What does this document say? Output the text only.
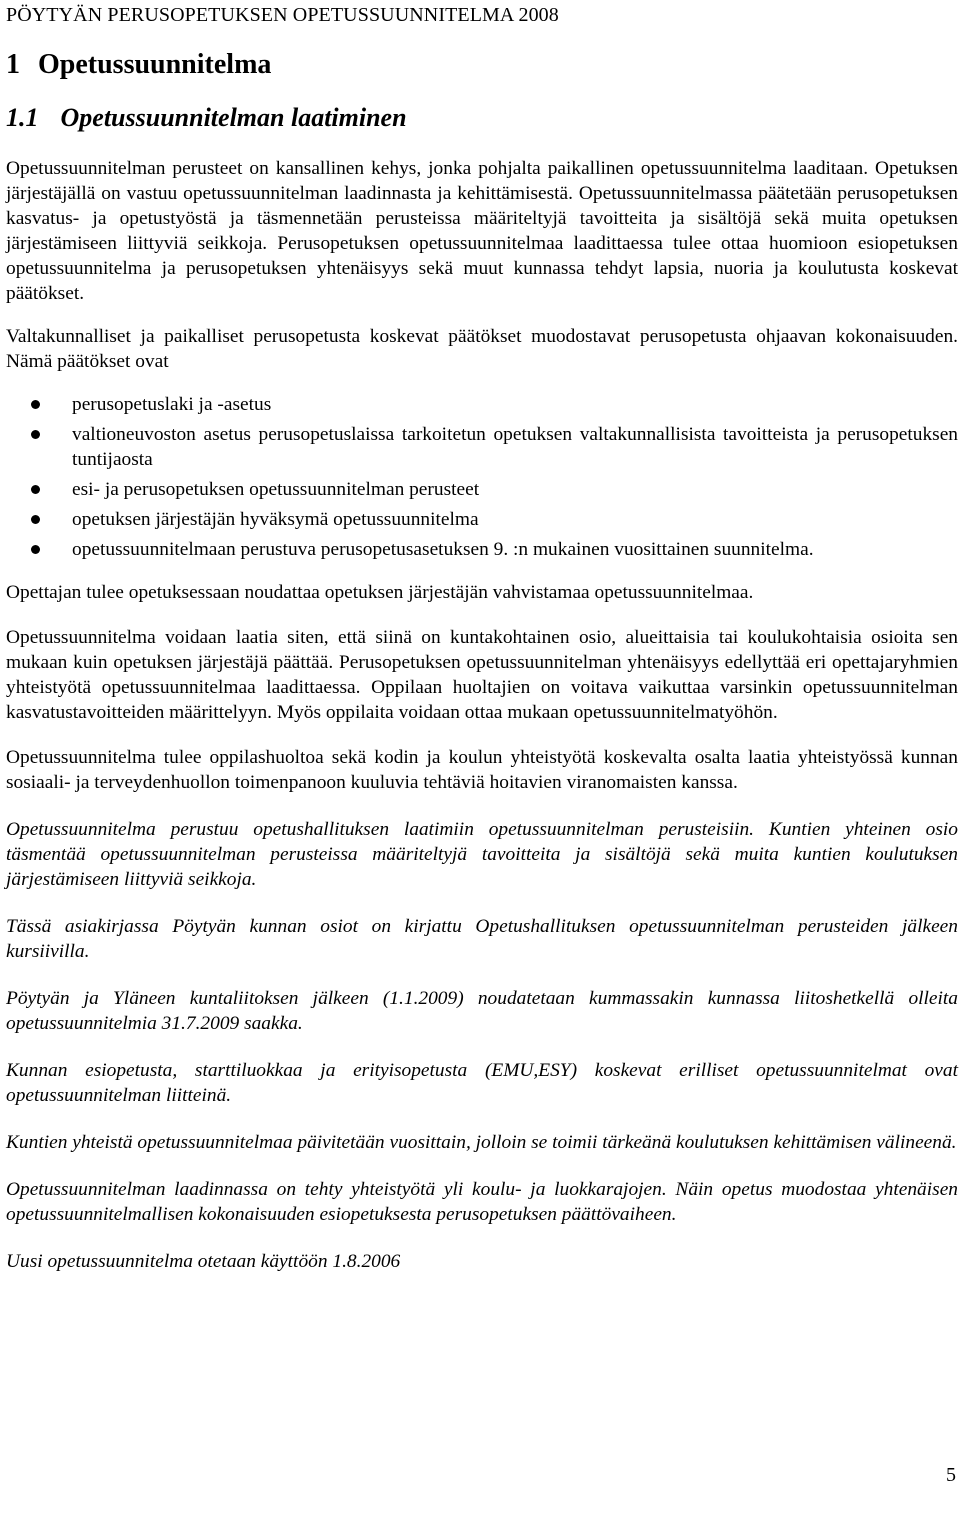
PÖYTYÄN PERUSOPETUKSEN OPETUSSUUNNITELMA 2008
1 Opetussuunnitelma
1.1 Opetussuunnitelman laatiminen

Opetussuunnitelman perusteet on kansallinen kehys, jonka pohjalta paikallinen opetussuunnitelma laaditaan. Opetuksen järjestäjällä on vastuu opetussuunnitelman laadinnasta ja kehittämisestä. Opetussuunnitelmassa päätetään perusopetuksen kasvatus- ja opetustyöstä ja täsmennetään perusteissa määriteltyjä tavoitteita ja sisältöjä sekä muita opetuksen järjestämiseen liittyviä seikkoja. Perusopetuksen opetussuunnitelmaa laadittaessa tulee ottaa huomioon esiopetuksen opetussuunnitelma ja perusopetuksen yhtenäisyys sekä muut kunnassa tehdyt lapsia, nuoria ja koulutusta koskevat päätökset.

Valtakunnalliset ja paikalliset perusopetusta koskevat päätökset muodostavat perusopetusta ohjaavan kokonaisuuden. Nämä päätökset ovat

perusopetuslaki ja -asetus
valtioneuvoston asetus perusopetuslaissa tarkoitetun opetuksen valtakunnallisista tavoitteista ja perusopetuksen tuntijaosta
esi- ja perusopetuksen opetussuunnitelman perusteet
opetuksen järjestäjän hyväksymä opetussuunnitelma
opetussuunnitelmaan perustuva perusopetusasetuksen 9. :n mukainen vuosittainen suunnitelma.

Opettajan tulee opetuksessaan noudattaa opetuksen järjestäjän vahvistamaa opetussuunnitelmaa.

Opetussuunnitelma voidaan laatia siten, että siinä on kuntakohtainen osio, alueittaisia tai koulukohtaisia osioita sen mukaan kuin opetuksen järjestäjä päättää. Perusopetuksen opetussuunnitelman yhtenäisyys edellyttää eri opettajaryhmien yhteistyötä opetussuunnitelmaa laadittaessa. Oppilaan huoltajien on voitava vaikuttaa varsinkin opetussuunnitelman kasvatustavoitteiden määrittelyyn. Myös oppilaita voidaan ottaa mukaan opetussuunnitelmatyöhön.

Opetussuunnitelma tulee oppilashuoltoa sekä kodin ja koulun yhteistyötä koskevalta osalta laatia yhteistyössä kunnan sosiaali- ja terveydenhuollon toimenpanoon kuuluvia tehtäviä hoitavien viranomaisten kanssa.

Opetussuunnitelma perustuu opetushallituksen laatimiin opetussuunnitelman perusteisiin. Kuntien yhteinen osio täsmentää opetussuunnitelman perusteissa määriteltyjä tavoitteita ja sisältöjä sekä muita kuntien koulutuksen järjestämiseen liittyviä seikkoja.

Tässä asiakirjassa Pöytyän kunnan osiot on kirjattu Opetushallituksen opetussuunnitelman perusteiden jälkeen kursiivilla.

Pöytyän ja Yläneen kuntaliitoksen jälkeen (1.1.2009) noudatetaan kummassakin kunnassa liitoshetkellä olleita opetussuunnitelmia 31.7.2009 saakka.

Kunnan esiopetusta, starttiluokkaa ja erityisopetusta (EMU,ESY) koskevat erilliset opetussuunnitelmat ovat opetussuunnitelman liitteinä.

Kuntien yhteistä opetussuunnitelmaa päivitetään vuosittain, jolloin se toimii tärkeänä koulutuksen kehittämisen välineenä.

Opetussuunnitelman laadinnassa on tehty yhteistyötä yli koulu- ja luokkarajojen. Näin opetus muodostaa yhtenäisen opetussuunnitelmallisen kokonaisuuden esiopetuksesta perusopetuksen päättövaiheen.

Uusi opetussuunnitelma otetaan käyttöön 1.8.2006

5
